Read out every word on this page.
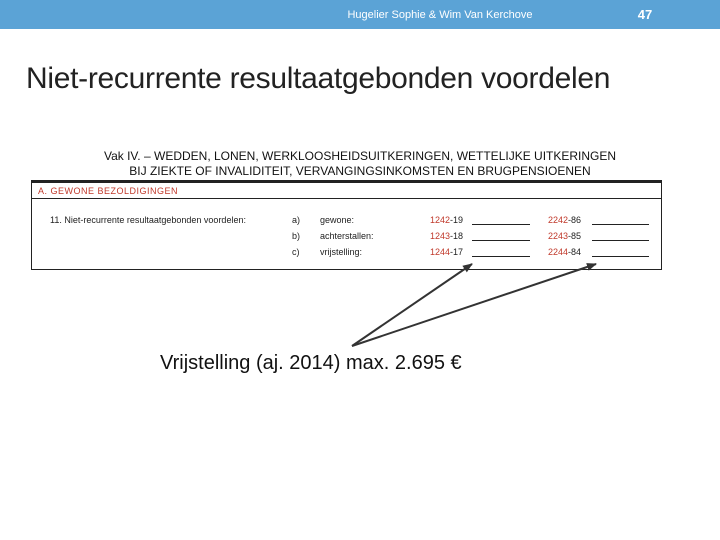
Hugelier Sophie & Wim Van Kerchove	47
Niet-recurrente resultaatgebonden voordelen
Vak IV. – WEDDEN, LONEN, WERKLOOSHEIDSUITKERINGEN, WETTELIJKE UITKERINGEN
BIJ ZIEKTE OF INVALIDITEIT, VERVANGINGSINKOMSTEN EN BRUGPENSIOENEN
A. GEWONE BEZOLDIGINGEN
11. Niet-recurrente resultaatgebonden voordelen:	a) gewone:	1242-19	2242-86
b) achterstallen:	1243-18	2243-85
c) vrijstelling:	1244-17	2244-84
Vrijstelling (aj. 2014) max. 2.695 €
